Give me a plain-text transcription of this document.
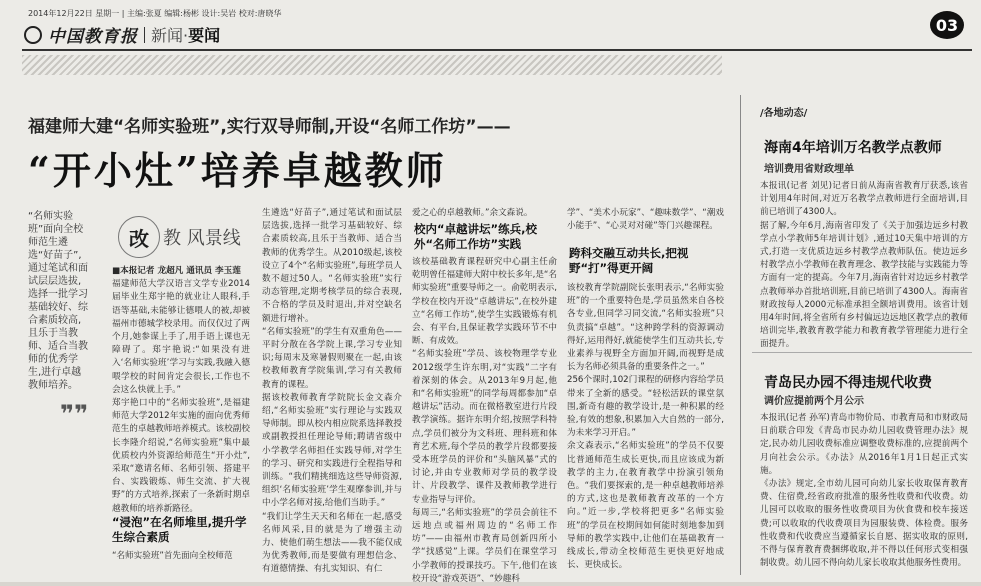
2014年12月22日 星期一 | 主编:张夏 编辑:杨彬 设计:吴岩 校对:唐晓华
中国教育报 新闻·要闻
03
福建师大建“名师实验班”,实行双导师制,开设“名师工作坊”——
“开小灶”培养卓越教师
“名师实验班”面向全校师范生遴选“好苗子”,通过笔试和面试层层选拔,选择一批学习基础较好、综合素质较高,且乐于当教师、适合当教师的优秀学生,进行卓越教师培养。
❞❞
改 教 风景线

■本报记者 龙超凡 通讯员 李玉莲

福建师范大学汉语言文学专业2014届毕业生郑宇艳的就业让人眼科,手语等基础,未能够让德喂人的被,却被福州市德城学校录用。而仅仅过了两个月,她参谋上手了,用手语上课也无障碍了。郑宇艳说:“如果没有进入‘名师实验班’学习与实践,我融入德喂学校的时间肯定会很长,工作也不会这么快就上手。”
郑宇艳口中的“名师实验班”,是福建师范大学2012年实施的面向优秀师范生的卓越教师培养模式。该校副校长李隆介绍说,“名师实验班”集中最优质校内外资源给师范生“开小灶”,采取“邀请名师、名师引领、搭建平台、实践锻炼、师生交流、扩大视野”的方式培养,探索了一条新时期卓越教师的培养新路径。

“浸泡”在名师堆里,提升学生综合素质
“名师实验班”首先面向全校师范
生遴选“好苗子”,通过笔试和面试层层选拔,选择一批学习基础较好、综合素质较高,且乐于当教师、适合当教师的优秀学生。从2010级起,该校设立了4个“名师实验班”,每班学员人数不超过50人。“名师实验班”实行动态管理,定期考核学员的综合表现,不合格的学员及时退出,并对空缺名额进行增补。
“名师实验班”的学生有双重角色——平时分散在各学院上课,学习专业知识;每周末及寒暑假则聚在一起,由该校教师教育学院集训,学习有关教师教育的课程。
据该校教师教育学院院长金文森介绍,“名师实验班”实行理论与实践双导师制。即从校内相应院系选择教授或副教授担任理论导师;聘请省级中小学教学名师担任实践导师,对学生的学习、研究和实践进行全程指导和训练。“我们精挑细选这些导师资源,组织‘名师实验班’学生观摩参训,并与中小学名师对接,给他们当助手。”
“我们让学生天天和名师在一起,感受名师风采,目的就是为了增强主动力、使他们萌生想法——我不能仅成为优秀教师,而是要做有理想信念、有道德情操、有扎实知识、有仁
爱之心的卓越教师。”余文森说。
校内“卓越讲坛”练兵,校外“名师工作坊”实践
该校基础教育课程研究中心副主任俞乾明曾任福建师大附中校长多年,是“名师实验班”重要导师之一。俞乾明表示,学校在校内开设“卓越讲坛”,在校外建立“名师工作坊”,使学生实践锻炼有机会、有平台,且保证教学实践环节不中断、有成效。
“名师实验班”学员、该校物理学专业2012级学生许东明,对“实践”二字有着深刻的体会。从2013年9月起,他和“名师实验班”的同学每周都参加“卓越讲坛”活动。而在微格教室进行片段教学演练。据许东明介绍,按照学科特点,学员们被分为文科班、理科班和体育艺术班,每个学员的教学片段都要接受本班学员的评价和“头脑风暴”式的讨论,并由专业教师对学员的教学设计、片段教学、课件及教师教学进行专业指导与评价。
每周三,“名师实验班”的学员会前往不远地点或福州周边的“名师工作坊”——由福州市教育局创新四所小学“找感觉”上课。学员们在课堂学习小学教师的授课技巧。下午,他们在该校开设“游戏英语”、“妙趣科
学”、“美术小玩家”、“趣味数学”、“潮戏小能手”、“心灵对对碰”等门兴趣课程。
跨科交融互动共长,把视野“打”得更开阔
该校教育学院副院长张明表示,“名师实验班”的一个重要特色是,学员虽然来自各校各专业,但同学习同交流,“名师实验班”只负责搞“卓越”。“这种跨学科的资源调动得好,运用得好,就能使学生们互动共长,专业素养与视野全方面加开阔,而视野是成长为名师必须具备的重要条件之一。”
256个课时,102门课程的研修内容给学员带来了全新的感受。“轻松活跃的课堂氛围,新奇有趣的教学设计,是一种积累的经验,有效的想象,积累加入大自然的一部分,为未来学习开启。”
余文森表示,“名师实验班”的学员不仅要比普通师范生成长更快,而且应该成为新教学的主力,在教育教学中扮演引领角色。“我们要探索的,是一种卓越教师培养的方式,这也是教师教育改革的一个方向。”近一步,学校将把更多“名师实验班”的学员在校期间如何能时刻地参加到导师的教学实践中,让他们在基础教育一线成长,带动全校师范生更快更好地成长、更快成长。
/各地动态/
海南4年培训万名教学点教师
培训费用省财政埋单
本报讯(记者 刘见)记者日前从海南省教育厅获悉,该省计划用4年时间,对近万名教学点教师进行全面培训,目前已培训了4300人。
据了解,今年6月,海南省印发了《关于加强边远乡村教学点小学教师5年培训计划》,通过10天集中培训的方式,打造一支优质边远乡村教学点教师队伍。使边远乡村教学点小学教师在教育理念、教学技能与实践能力等方面有一定的提高。今年7月,海南省针对边远乡村教学点教师举办首批培训班,目前已培训了4300人。海南省财政按每人2000元标准承担全额培训费用。该省计划用4年时间,将全省所有乡村偏远边远地区教学点的教师培训完毕,教教育教学能力和教育教学管理能力进行全面提升。
青岛民办园不得违规代收费
调价应提前两个月公示
本报讯(记者 孙军)青岛市物价局、市教育局和市财政局日前联合印发《青岛市民办幼儿园收费管理办法》规定,民办幼儿园收费标准应调整收费标准的,应提前两个月向社会公示。《办法》从2016年1月1日起正式实施。
《办法》规定,全市幼儿园可向幼儿家长收取保育教育费、住宿费,经省政府批准的服务性收费和代收费。幼儿园可以收取的服务性收费项目为伙食费和校车接送费;可以收取的代收费项目为园服装费、体检费。服务性收费和代收费应当遵循家长自愿、据实收取的原则,不得与保育教育费捆绑收取,并不得以任何形式变相强制收费。幼儿园不得向幼儿家长收取其他服务性费用。
